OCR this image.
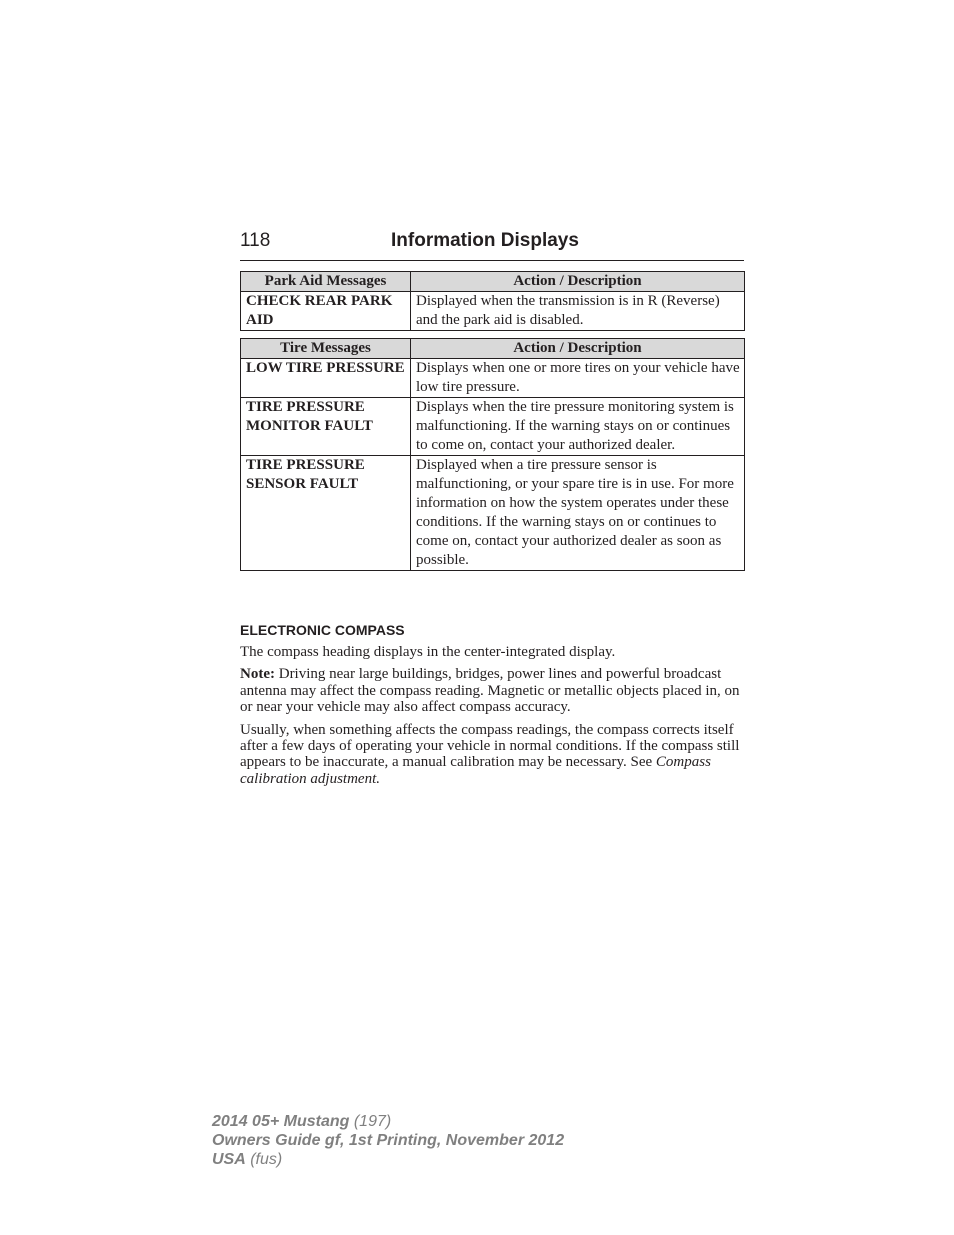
118	Information Displays
Park Aid Messages	Action / Description
CHECK REAR PARK AID	Displayed when the transmission is in R (Reverse) and the park aid is disabled.
Tire Messages	Action / Description
LOW TIRE PRESSURE	Displays when one or more tires on your vehicle have low tire pressure.
TIRE PRESSURE MONITOR FAULT	Displays when the tire pressure monitoring system is malfunctioning. If the warning stays on or continues to come on, contact your authorized dealer.
TIRE PRESSURE SENSOR FAULT	Displayed when a tire pressure sensor is malfunctioning, or your spare tire is in use. For more information on how the system operates under these conditions. If the warning stays on or continues to come on, contact your authorized dealer as soon as possible.
ELECTRONIC COMPASS

The compass heading displays in the center-integrated display.

Note: Driving near large buildings, bridges, power lines and powerful broadcast antenna may affect the compass reading. Magnetic or metallic objects placed in, on or near your vehicle may also affect compass accuracy.

Usually, when something affects the compass readings, the compass corrects itself after a few days of operating your vehicle in normal conditions. If the compass still appears to be inaccurate, a manual calibration may be necessary. See Compass calibration adjustment.

2014 05+ Mustang (197)
Owners Guide gf, 1st Printing, November 2012
USA (fus)
